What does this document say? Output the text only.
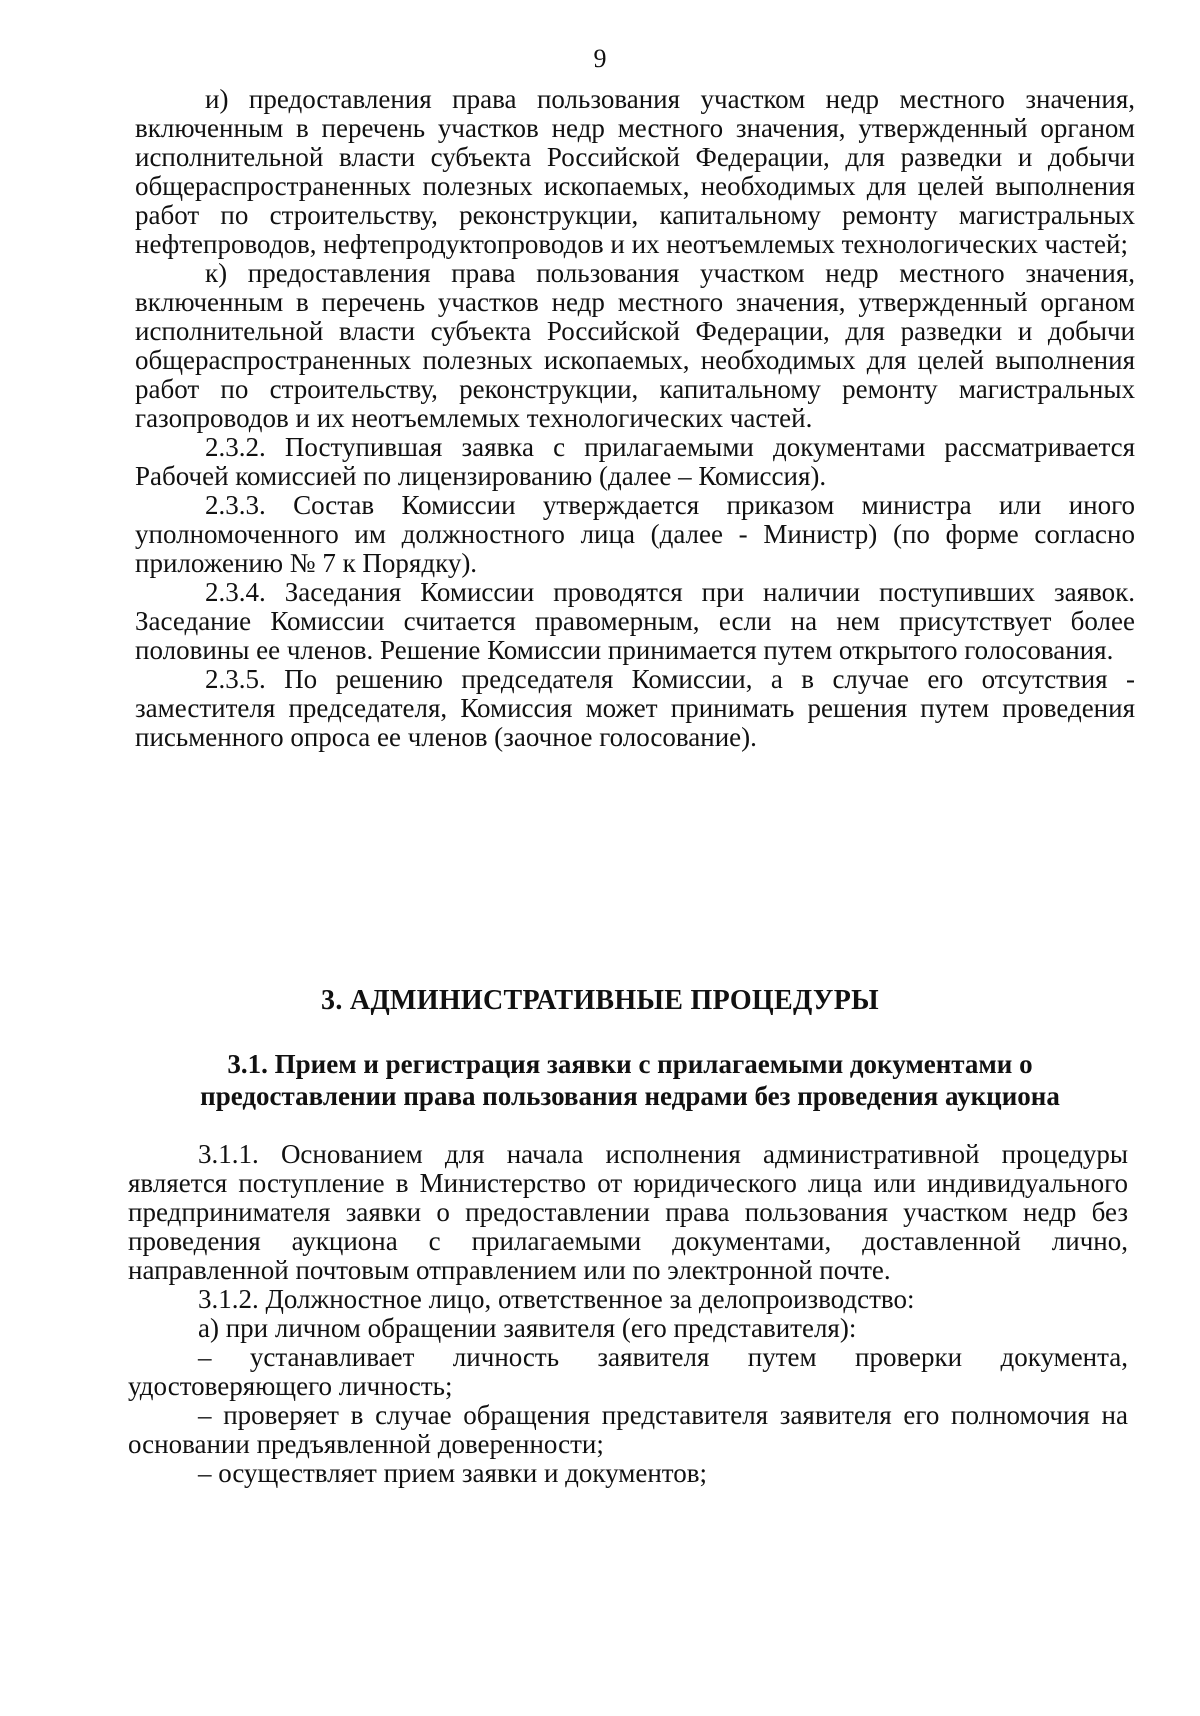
9

и) предоставления права пользования участком недр местного значения, включенным в перечень участков недр местного значения, утвержденный органом исполнительной власти субъекта Российской Федерации, для разведки и добычи общераспространенных полезных ископаемых, необходимых для целей выполнения работ по строительству, реконструкции, капитальному ремонту магистральных нефтепроводов, нефтепродуктопроводов и их неотъемлемых технологических частей;

к) предоставления права пользования участком недр местного значения, включенным в перечень участков недр местного значения, утвержденный органом исполнительной власти субъекта Российской Федерации, для разведки и добычи общераспространенных полезных ископаемых, необходимых для целей выполнения работ по строительству, реконструкции, капитальному ремонту магистральных газопроводов и их неотъемлемых технологических частей.

2.3.2. Поступившая заявка с прилагаемыми документами рассматривается Рабочей комиссией по лицензированию (далее – Комиссия).

2.3.3. Состав Комиссии утверждается приказом министра или иного уполномоченного им должностного лица (далее - Министр) (по форме согласно приложению № 7 к Порядку).

2.3.4. Заседания Комиссии проводятся при наличии поступивших заявок. Заседание Комиссии считается правомерным, если на нем присутствует более половины ее членов. Решение Комиссии принимается путем открытого голосования.

2.3.5. По решению председателя Комиссии, а в случае его отсутствия - заместителя председателя, Комиссия может принимать решения путем проведения письменного опроса ее членов (заочное голосование).

3. АДМИНИСТРАТИВНЫЕ ПРОЦЕДУРЫ
3.1. Прием и регистрация заявки с прилагаемыми документами о
предоставлении права пользования недрами без проведения аукциона

3.1.1. Основанием для начала исполнения административной процедуры является поступление в Министерство от юридического лица или индивидуального предпринимателя заявки о предоставлении права пользования участком недр без проведения аукциона с прилагаемыми документами, доставленной лично, направленной почтовым отправлением или по электронной почте.

3.1.2. Должностное лицо, ответственное за делопроизводство:

а) при личном обращении заявителя (его представителя):

– устанавливает личность заявителя путем проверки документа, удостоверяющего личность;

– проверяет в случае обращения представителя заявителя его полномочия на основании предъявленной доверенности;

– осуществляет прием заявки и документов;
